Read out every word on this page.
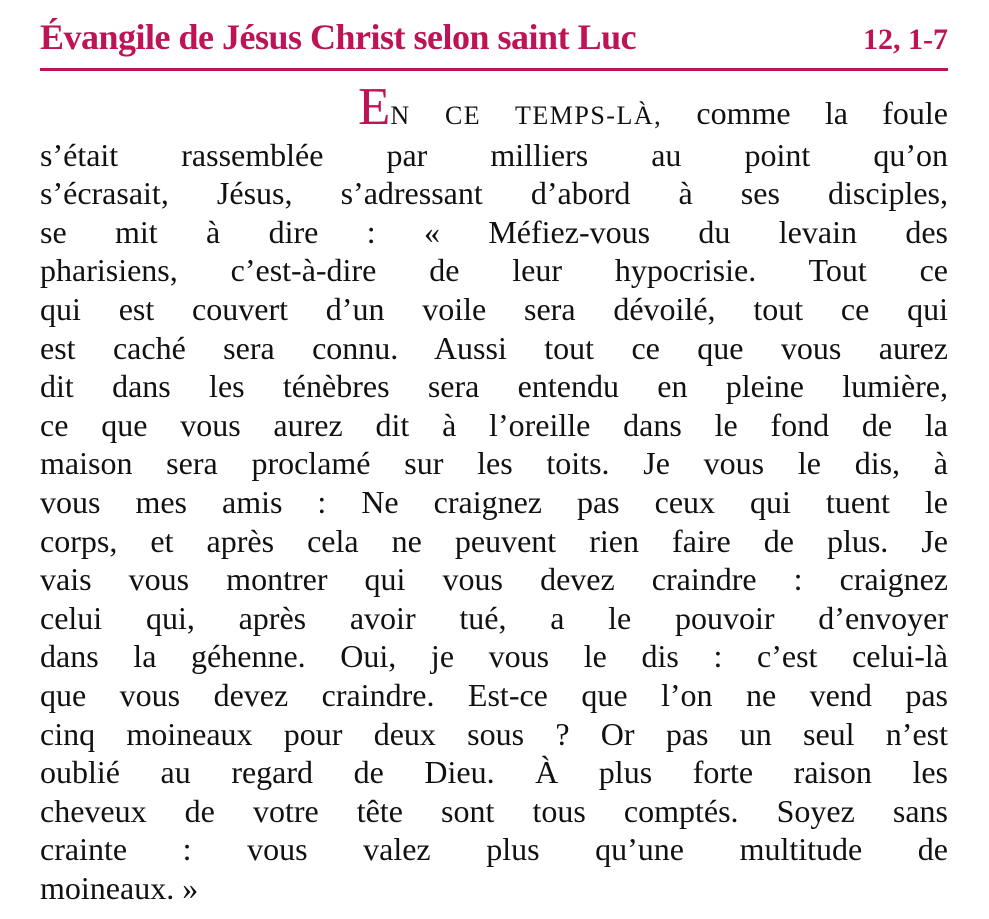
Évangile de Jésus Christ selon saint Luc	12, 1-7
EN CE TEMPS-LÀ, comme la foule
s’était rassemblée par milliers au point qu’on
s’écrasait, Jésus, s’adressant d’abord à ses disciples,
se mit à dire : « Méfiez-vous du levain des
pharisiens, c’est-à-dire de leur hypocrisie. Tout ce
qui est couvert d’un voile sera dévoilé, tout ce qui
est caché sera connu. Aussi tout ce que vous aurez
dit dans les ténèbres sera entendu en pleine lumière,
ce que vous aurez dit à l’oreille dans le fond de la
maison sera proclamé sur les toits. Je vous le dis, à
vous mes amis : Ne craignez pas ceux qui tuent le
corps, et après cela ne peuvent rien faire de plus. Je
vais vous montrer qui vous devez craindre : craignez
celui qui, après avoir tué, a le pouvoir d’envoyer
dans la géhenne. Oui, je vous le dis : c’est celui-là
que vous devez craindre. Est-ce que l’on ne vend pas
cinq moineaux pour deux sous ? Or pas un seul n’est
oublié au regard de Dieu. À plus forte raison les
cheveux de votre tête sont tous comptés. Soyez sans
crainte : vous valez plus qu’une multitude de
moineaux. »
